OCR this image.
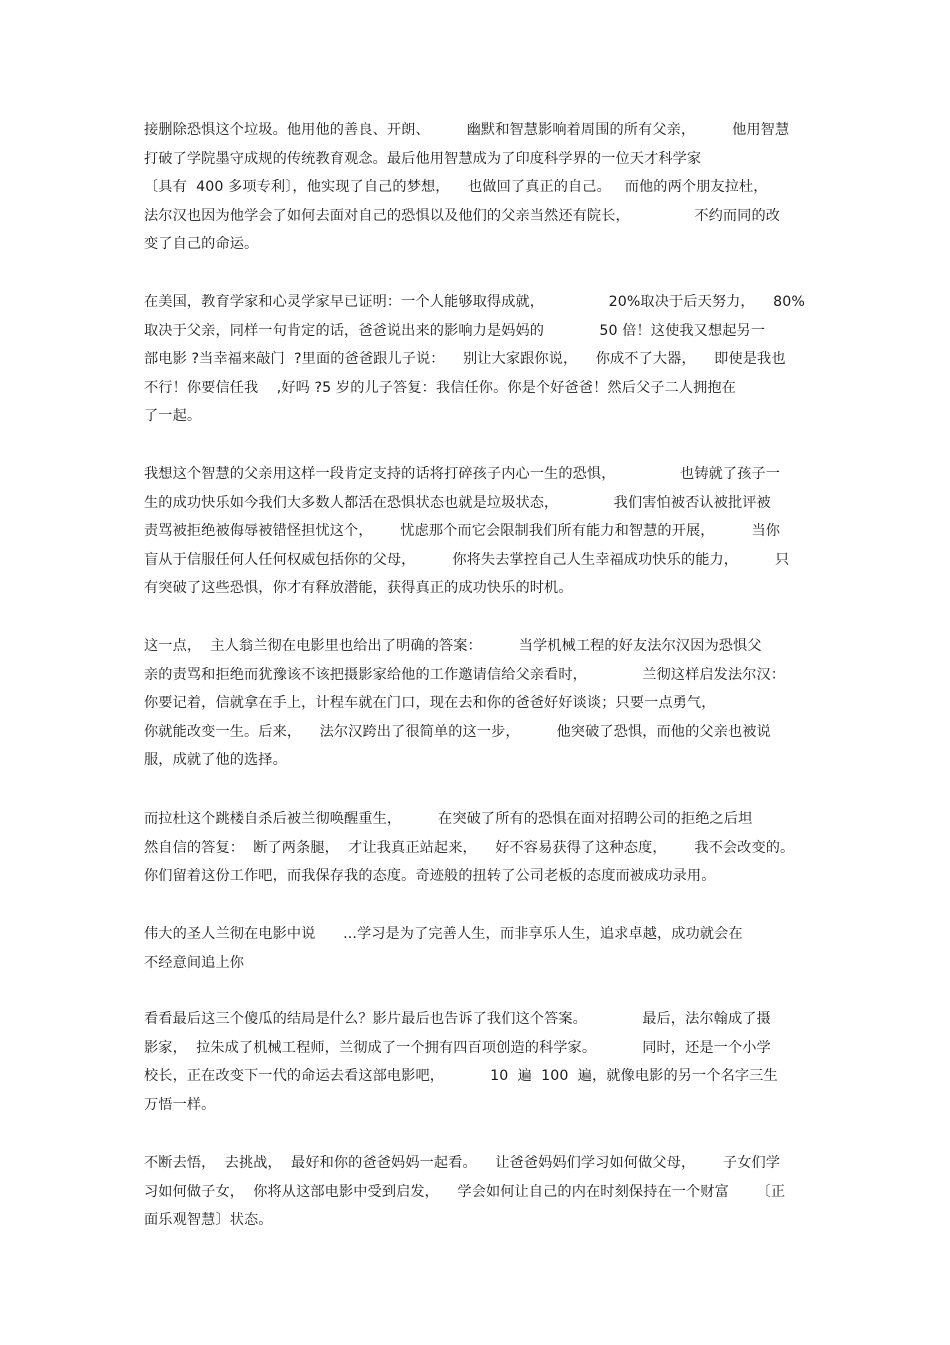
接删除恐惧这个垃圾。他用他的善良、开朗、        幽默和智慧影响着周围的所有父亲，        他用智慧
打破了学院墨守成规的传统教育观念。最后他用智慧成为了印度科学界的一位天才科学家
〔具有  400 多项专利〕，他实现了自己的梦想，    也做回了真正的自己。   而他的两个朋友拉杜，
法尔汉也因为他学会了如何去面对自己的恐惧以及他们的父亲当然还有院长，              不约而同的改
变了自己的命运。
在美国，教育学家和心灵学家早已证明：一个人能够取得成就，              20%取决于后天努力，    80%
取决于父亲，同样一句肯定的话，爸爸说出来的影响力是妈妈的            50 倍！这使我又想起另一
部电影 ?当幸福来敲门  ?里面的爸爸跟儿子说：    别让大家跟你说，    你成不了大器，    即使是我也
不行！你要信任我    ,好吗 ?5 岁的儿子答复：我信任你。你是个好爸爸！然后父子二人拥抱在
了一起。
我想这个智慧的父亲用这样一段肯定支持的话将打碎孩子内心一生的恐惧，              也铸就了孩子一
生的成功快乐如今我们大多数人都活在恐惧状态也就是垃圾状态，            我们害怕被否认被批评被
责骂被拒绝被侮辱被错怪担忧这个，      忧虑那个而它会限制我们所有能力和智慧的开展，        当你
盲从于信服任何人任何权威包括你的父母，        你将失去掌控自己人生幸福成功快乐的能力，        只
有突破了这些恐惧，你才有释放潜能，获得真正的成功快乐的时机。
这一点，  主人翁兰彻在电影里也给出了明确的答案：        当学机械工程的好友法尔汉因为恐惧父
亲的责骂和拒绝而犹豫该不该把摄影家给他的工作邀请信给父亲看时，            兰彻这样启发法尔汉：
你要记着，信就拿在手上，计程车就在门口，现在去和你的爸爸好好谈谈；只要一点勇气，
你就能改变一生。后来，    法尔汉跨出了很简单的这一步，        他突破了恐惧，而他的父亲也被说
服，成就了他的选择。
而拉杜这个跳楼自杀后被兰彻唤醒重生，        在突破了所有的恐惧在面对招聘公司的拒绝之后坦
然自信的答复：  断了两条腿，  才让我真正站起来，    好不容易获得了这种态度，      我不会改变的。
你们留着这份工作吧，而我保存我的态度。奇迹般的扭转了公司老板的态度而被成功录用。
伟大的圣人兰彻在电影中说      ...学习是为了完善人生，而非享乐人生，追求卓越，成功就会在
不经意间追上你
看看最后这三个傻瓜的结局是什么？影片最后也告诉了我们这个答案。            最后，法尔翰成了摄
影家，  拉朱成了机械工程师，兰彻成了一个拥有四百项创造的科学家。          同时，还是一个小学
校长，正在改变下一代的命运去看这部电影吧，          10  遍  100  遍，就像电影的另一个名字三生
万悟一样。
不断去悟，  去挑战，  最好和你的爸爸妈妈一起看。    让爸爸妈妈们学习如何做父母，      子女们学
习如何做子女，  你将从这部电影中受到启发，    学会如何让自己的内在时刻保持在一个财富      〔正
面乐观智慧〕状态。
